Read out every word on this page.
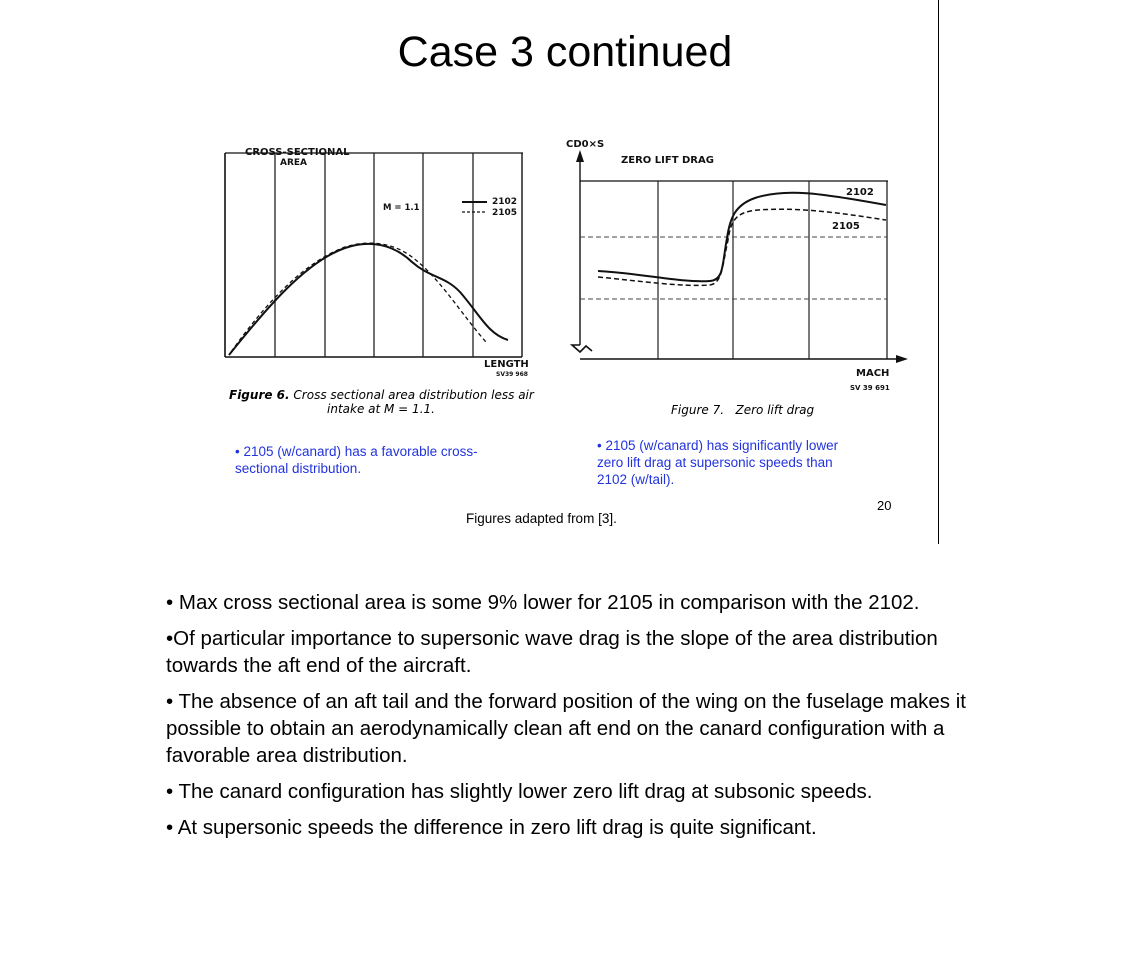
Case 3 continued
2102
2105
M = 1.1
CROSS-SECTIONAL
AREA
LENGTH
SV39 968
ZERO LIFT DRAG
CD0×S
2102
2105
MACH
SV 39 691
Figure 6. Cross sectional area distribution less air
intake at M = 1.1.	Figure 7. Zero lift drag
• 2105 (w/canard) has a favorable cross-sectional distribution.
• 2105 (w/canard) has significantly lower zero lift drag at supersonic speeds than 2102 (w/tail).
Figures adapted from [3].
20

• Max cross sectional area is some 9% lower for 2105 in comparison with the 2102.

•Of particular importance to supersonic wave drag is the slope of the area distribution towards the aft end of the aircraft.

• The absence of an aft tail and the forward position of the wing on the fuselage makes it possible to obtain an aerodynamically clean aft end on the canard configuration with a favorable area distribution.

• The canard configuration has slightly lower zero lift drag at subsonic speeds.

• At supersonic speeds the difference in zero lift drag is quite significant.
